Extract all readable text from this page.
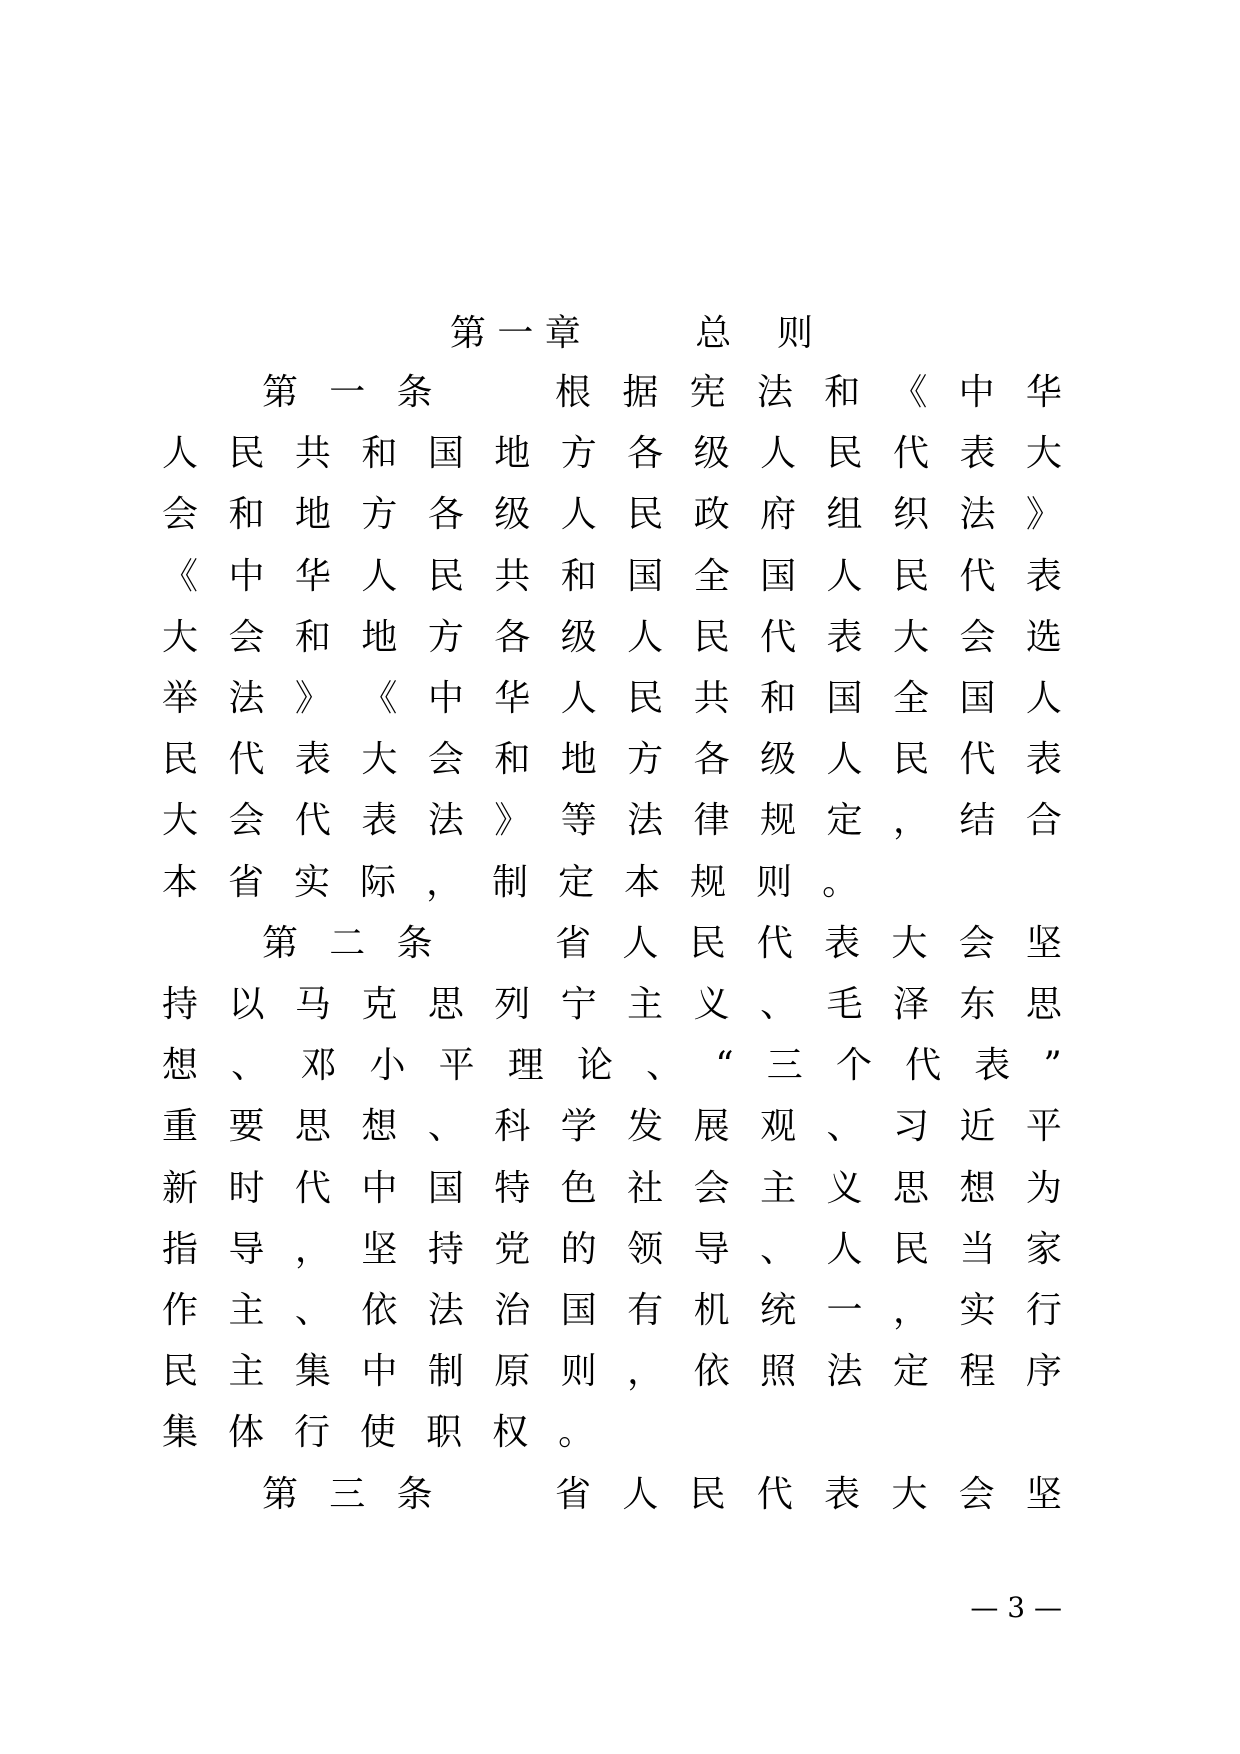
第 一 章	总    则

第 一 条	根 据 宪 法 和 《 中 华
人 民 共 和 国 地 方 各 级 人 民 代 表 大
会 和 地 方 各 级 人 民 政 府 组 织 法 》
《 中 华 人 民 共 和 国 全 国 人 民 代 表
大 会 和 地 方 各 级 人 民 代 表 大 会 选
举 法 》 《 中 华 人 民 共 和 国 全 国 人
民 代 表 大 会 和 地 方 各 级 人 民 代 表
大 会 代 表 法 》 等 法 律 规 定 ， 结 合
本 省 实 际 ， 制 定 本 规 则 。
第 二 条	省 人 民 代 表 大 会 坚
持 以 马 克 思 列 宁 主 义 、 毛 泽 东 思
想 、 邓 小 平 理 论 、 “ 三 个 代 表 ”
重 要 思 想 、 科 学 发 展 观 、 习 近 平
新 时 代 中 国 特 色 社 会 主 义 思 想 为
指 导 ， 坚 持 党 的 领 导 、 人 民 当 家
作 主 、 依 法 治 国 有 机 统 一 ， 实 行
民 主 集 中 制 原 则 ， 依 照 法 定 程 序
集 体 行 使 职 权 。
第 三 条	省 人 民 代 表 大 会 坚
— 3 —
